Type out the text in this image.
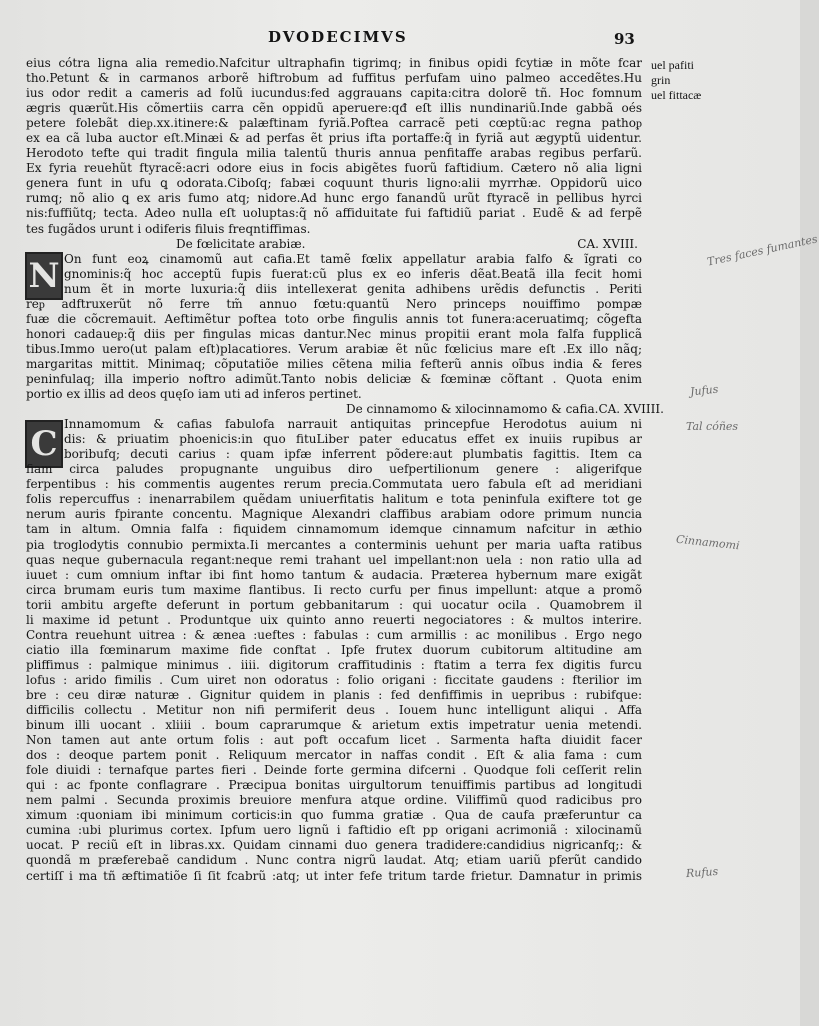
DVODECIMVS	93
uel pafiti
grin
uel fittacæ
Tres faces fumantes
Jufus
Tal cóñes
Cinnamomi
Rufus
N
C
eius cótra ligna alia remedio.Nafcitur ultraphafin tigrimq; in finibus opidi fcytiæ in mõte fcar
tho.Petunt & in carmanos arborẽ hiftrobum ad fuffitus perfufam uino palmeo accedẽtes.Hu
ius odor redit a cameris ad folũ iucundus:fed aggrauans capita:citra dolorẽ tñ. Hoc fomnum
ægris quærũt.His cõmertiis carra cẽn oppidũ aperuere:qđ eſt illis nundinariũ.Inde gabbã oés
petere folebãt dieᵱ.xx.itinere:& palæftinam fyriã.Poftea carracẽ peti cœptũ:ac regna pathoᵱ
ex ea cã luba auctor eſt.Minæi & ad perfas ẽt prius ifta portaffe:q̃ in fyriã aut ægyptũ uidentur.
Herodoto tefte qui tradit fingula milia talentũ thuris annua penfitaffe arabas regibus perfarũ.
Ex fyria reuehũt ftyracẽ:acri odore eius in focis abigẽtes fuorũ faftidium. Cætero nõ alia ligni
genera funt in ufu ꝗ odorata.Ciboſq; fabæi coquunt thuris ligno:alii myrrhæ. Oppidorũ uico
rumq; nõ alio ꝗ ex aris fumo atq; nidore.Ad hunc ergo fanandũ urũt ftyracẽ in pellibus hyrci
nis:fuffiũtq; tecta. Adeo nulla eſt uoluptas:q̃ nõ affiduitate fui faftidiũ pariat . Eudẽ & ad ferpẽ
tes fugãdos urunt i odiferis filuis freqntiffimas.
De fœlicitate arabiæ.	CA. XVIII.
On funt eoꝝ cinamomũ aut cafia.Et tamẽ fœlix appellatur arabia falfo & ĩgrati co
gnominis:q̃ hoc acceptũ fupis fuerat:cũ plus ex eo inferis dẽat.Beatã illa fecit homi
num ẽt in morte luxuria:q̃ diis intellexerat genita adhibens urẽdis defunctis . Periti
reᵱ adftruxerũt nõ ferre tm̃ annuo fœtu:quantũ Nero princeps nouiffimo pompæ
fuæ die cõcremauit. Aeftimẽtur poftea toto orbe fingulis annis tot funera:aceruatimq; cõgefta
honori cadaueᵱ:q̃ diis per fingulas micas dantur.Nec minus propitii erant mola falfa fupplicã
tibus.Immo uero(ut palam eſt)placatiores. Verum arabiæ ẽt nũc fœlicius mare eſt .Ex illo nãq;
margaritas mittit. Minimaq; cõputatiõe milies cẽtena milia fefterũ annis oĩbus india & feres
peninfulaq; illa imperio noftro adimũt.Tanto nobis deliciæ & fœminæ cõftant . Quota enim
portio ex illis ad deos quęſo iam uti ad inferos pertinet.
De cinnamomo & xilocinnamomo & cafia. CA. XVIIII.
Innamomum & cafias fabulofa narrauit antiquitas princepfue Herodotus auium ni
dis: & priuatim phoenicis:in quo fituLiber pater educatus effet ex inuiis rupibus ar
boribufq; decuti carius : quam ipfæ inferrent põdere:aut plumbatis fagittis. Item ca
fiam circa paludes propugnante unguibus diro uefpertilionum genere : aligerifque
ferpentibus : his commentis augentes rerum precia.Commutata uero fabula eſt ad meridiani
folis repercuffus : inenarrabilem quẽdam uniuerfitatis halitum e tota peninfula exiftere tot ge
nerum auris fpirante concentu. Magnique Alexandri claffibus arabiam odore primum nuncia
tam in altum. Omnia falfa : fiquidem cinnamomum idemque cinnamum nafcitur in æthio
pia troglodytis connubio permixta.Ii mercantes a conterminis uehunt per maria uafta ratibus
quas neque gubernacula regant:neque remi trahant uel impellant:non uela : non ratio ulla ad
iuuet : cum omnium inftar ibi fint homo tantum & audacia. Præterea hybernum mare exigãt
circa brumam euris tum maxime flantibus. Ii recto curfu per finus impellunt: atque a promõ
torii ambitu argefte deferunt in portum gebbanitarum : qui uocatur ocila . Quamobrem il
li maxime id petunt . Produntque uix quinto anno reuerti negociatores : & multos interire.
Contra reuehunt uitrea : & ænea :ueftes : fabulas : cum armillis : ac monilibus . Ergo nego
ciatio illa fœminarum maxime fide conftat . Ipfe frutex duorum cubitorum altitudine am
pliffimus : palmique minimus . iiii. digitorum craffitudinis : ftatim a terra fex digitis furcu
lofus : arido fimilis . Cum uiret non odoratus : folio origani : ficcitate gaudens : fterilior im
bre : ceu diræ naturæ . Gignitur quidem in planis : fed denfiffimis in uepribus : rubifque:
difficilis collectu . Metitur non nifi permiferit deus . Iouem hunc intelligunt aliqui . Affa
binum illi uocant . xliiii . boum caprarumque & arietum extis impetratur uenia metendi.
Non tamen aut ante ortum folis : aut poft occafum licet . Sarmenta hafta diuidit facer
dos : deoque partem ponit . Reliquum mercator in naffas condit . Eſt & alia fama : cum
fole diuidi : ternafque partes fieri . Deinde forte germina difcerni . Quodque foli ceſſerit relin
qui : ac fponte conflagrare . Præcipua bonitas uirgultorum tenuiffimis partibus ad longitudi
nem palmi . Secunda proximis breuiore menfura atque ordine. Viliffimũ quod radicibus pro
ximum :quoniam ibi minimum corticis:in quo fumma gratiæ . Qua de caufa præferuntur ca
cumina :ubi plurimus cortex. Ipfum uero lignũ i faftidio eſt pp origani acrimoniã : xilocinamũ
uocat. P reciũ eſt in libras.xx. Quidam cinnami duo genera tradidere:candidius nigricanfq;: &
quondã m præferebaẽ candidum . Nunc contra nigrũ laudat. Atq; etiam uariũ pferũt candido
certiſſ i ma tñ æftimatiõe ſi ſit fcabrũ :atq; ut inter fefe tritum tarde frietur. Damnatur in primis
